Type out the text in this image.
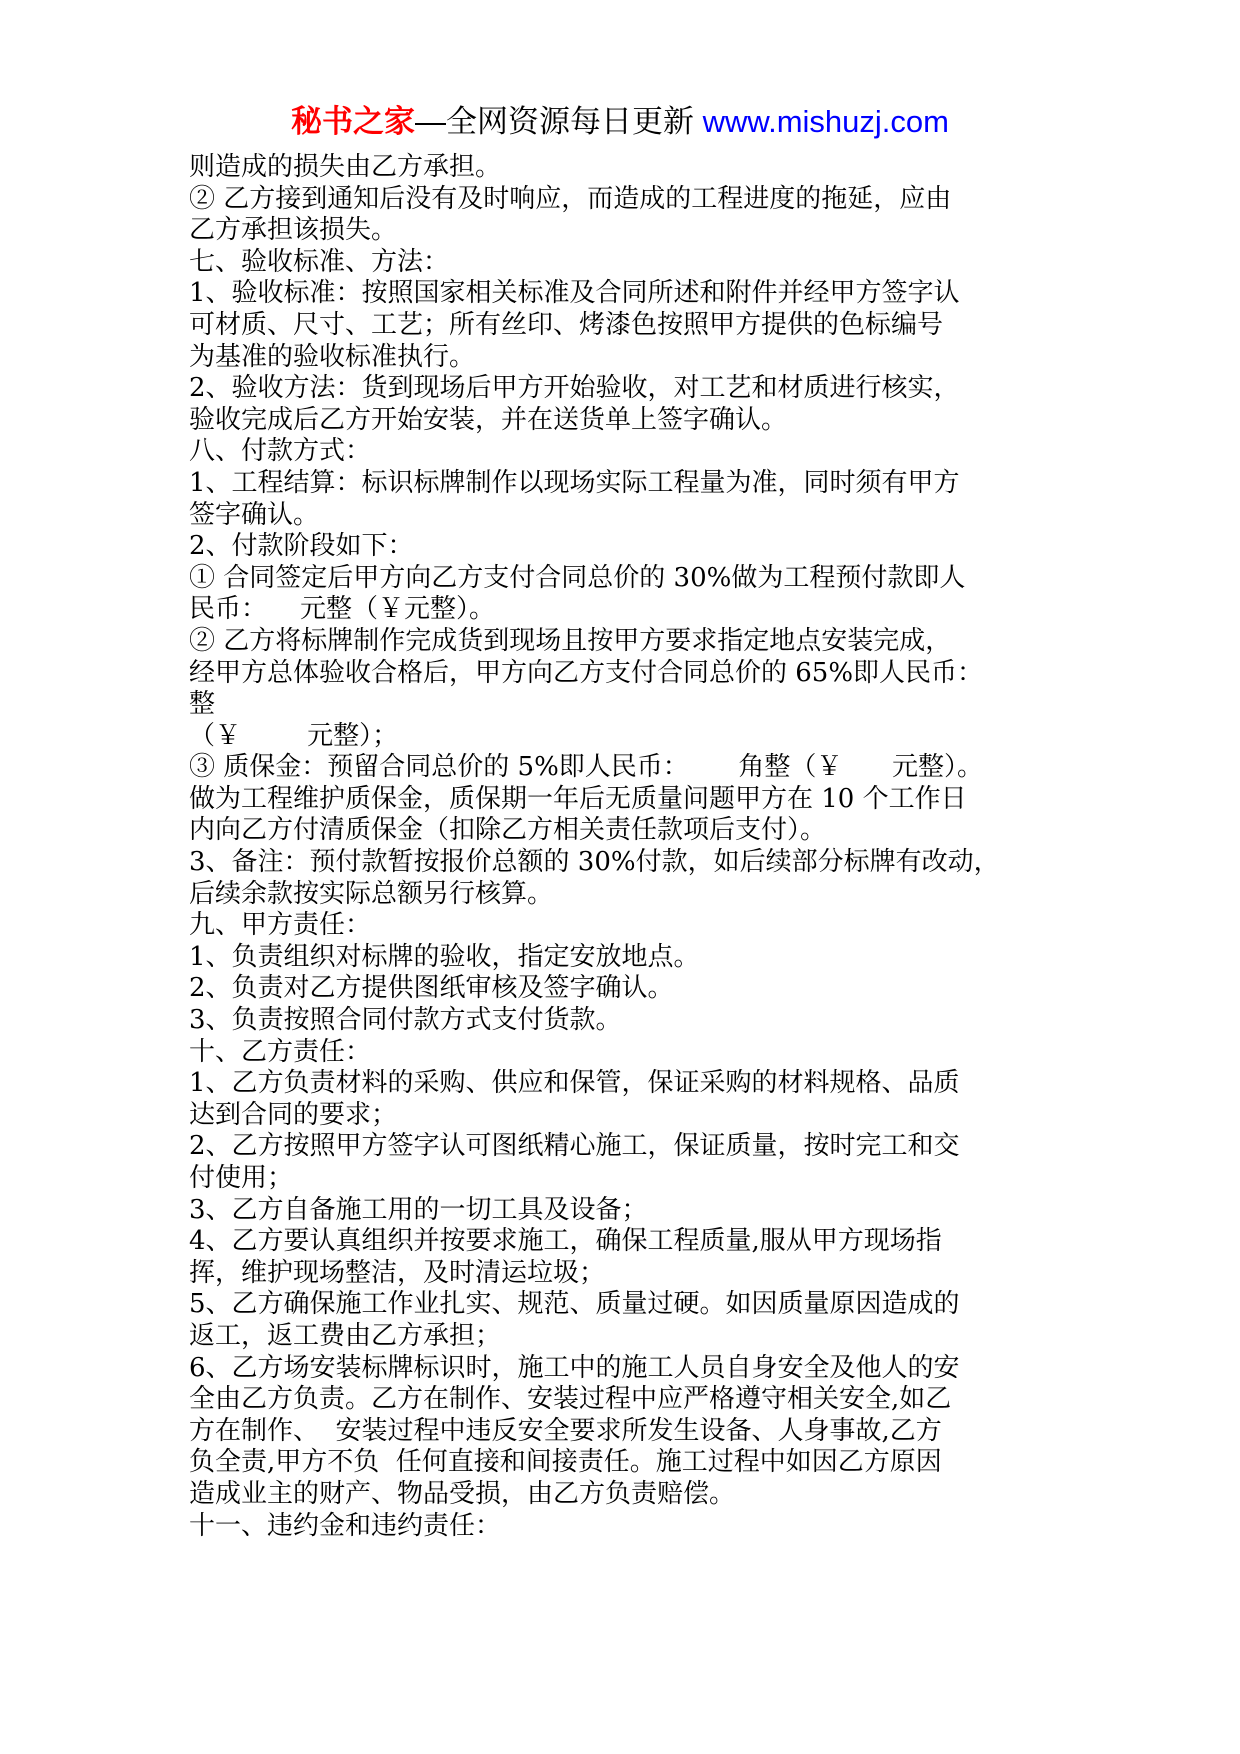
秘书之家—全网资源每日更新 www.mishuzj.com
则造成的损失由乙方承担。
② 乙方接到通知后没有及时响应，而造成的工程进度的拖延，应由
乙方承担该损失。
七、验收标准、方法：
1、验收标准：按照国家相关标准及合同所述和附件并经甲方签字认
可材质、尺寸、工艺；所有丝印、烤漆色按照甲方提供的色标编号
为基准的验收标准执行。
2、验收方法：货到现场后甲方开始验收，对工艺和材质进行核实，
验收完成后乙方开始安装，并在送货单上签字确认。
八、付款方式：
1、工程结算：标识标牌制作以现场实际工程量为准，同时须有甲方
签字确认。
2、付款阶段如下：
① 合同签定后甲方向乙方支付合同总价的 30%做为工程预付款即人
民币：    元整（￥元整）。
② 乙方将标牌制作完成货到现场且按甲方要求指定地点安装完成，
经甲方总体验收合格后，甲方向乙方支付合同总价的 65%即人民币：
整
（￥        元整）；
③ 质保金：预留合同总价的 5%即人民币：      角整（￥      元整）。
做为工程维护质保金，质保期一年后无质量问题甲方在 10 个工作日
内向乙方付清质保金（扣除乙方相关责任款项后支付）。
3、备注：预付款暂按报价总额的 30%付款，如后续部分标牌有改动，
后续余款按实际总额另行核算。
九、甲方责任：
1、负责组织对标牌的验收，指定安放地点。
2、负责对乙方提供图纸审核及签字确认。
3、负责按照合同付款方式支付货款。
十、乙方责任：
1、乙方负责材料的采购、供应和保管，保证采购的材料规格、品质
达到合同的要求；
2、乙方按照甲方签字认可图纸精心施工，保证质量，按时完工和交
付使用；
3、乙方自备施工用的一切工具及设备；
4、乙方要认真组织并按要求施工，确保工程质量,服从甲方现场指
挥，维护现场整洁，及时清运垃圾；
5、乙方确保施工作业扎实、规范、质量过硬。如因质量原因造成的
返工，返工费由乙方承担；
6、乙方场安装标牌标识时，施工中的施工人员自身安全及他人的安
全由乙方负责。乙方在制作、安装过程中应严格遵守相关安全,如乙
方在制作、  安装过程中违反安全要求所发生设备、人身事故,乙方
负全责,甲方不负  任何直接和间接责任。施工过程中如因乙方原因
造成业主的财产、物品受损，由乙方负责赔偿。
十一、违约金和违约责任：
